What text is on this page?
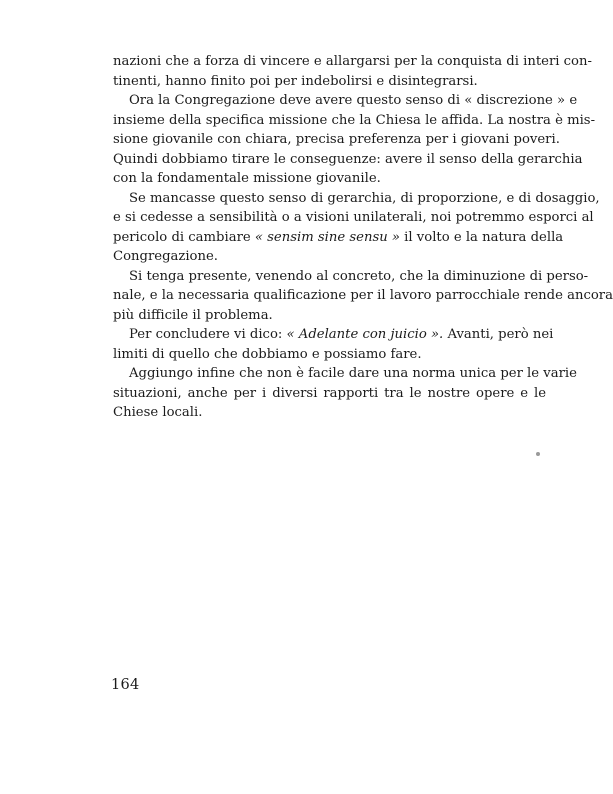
nazioni che a forza di vincere e allargarsi per la conquista di interi con-
tinenti, hanno finito poi per indebolirsi e disintegrarsi.
Ora la Congregazione deve avere questo senso di « discrezione » e
insieme della specifica missione che la Chiesa le affida. La nostra è mis-
sione giovanile con chiara, precisa preferenza per i giovani poveri.
Quindi dobbiamo tirare le conseguenze: avere il senso della gerarchia
con la fondamentale missione giovanile.
Se mancasse questo senso di gerarchia, di proporzione, e di dosaggio,
e si cedesse a sensibilità o a visioni unilaterali, noi potremmo esporci al
pericolo di cambiare « sensim sine sensu » il volto e la natura della
Congregazione.
Si tenga presente, venendo al concreto, che la diminuzione di perso-
nale, e la necessaria qualificazione per il lavoro parrocchiale rende ancora
più difficile il problema.
Per concludere vi dico: « Adelante con juicio ». Avanti, però nei
limiti di quello che dobbiamo e possiamo fare.
Aggiungo infine che non è facile dare una norma unica per le varie
situazioni, anche per i diversi rapporti tra le nostre opere e le
Chiese locali.
164
